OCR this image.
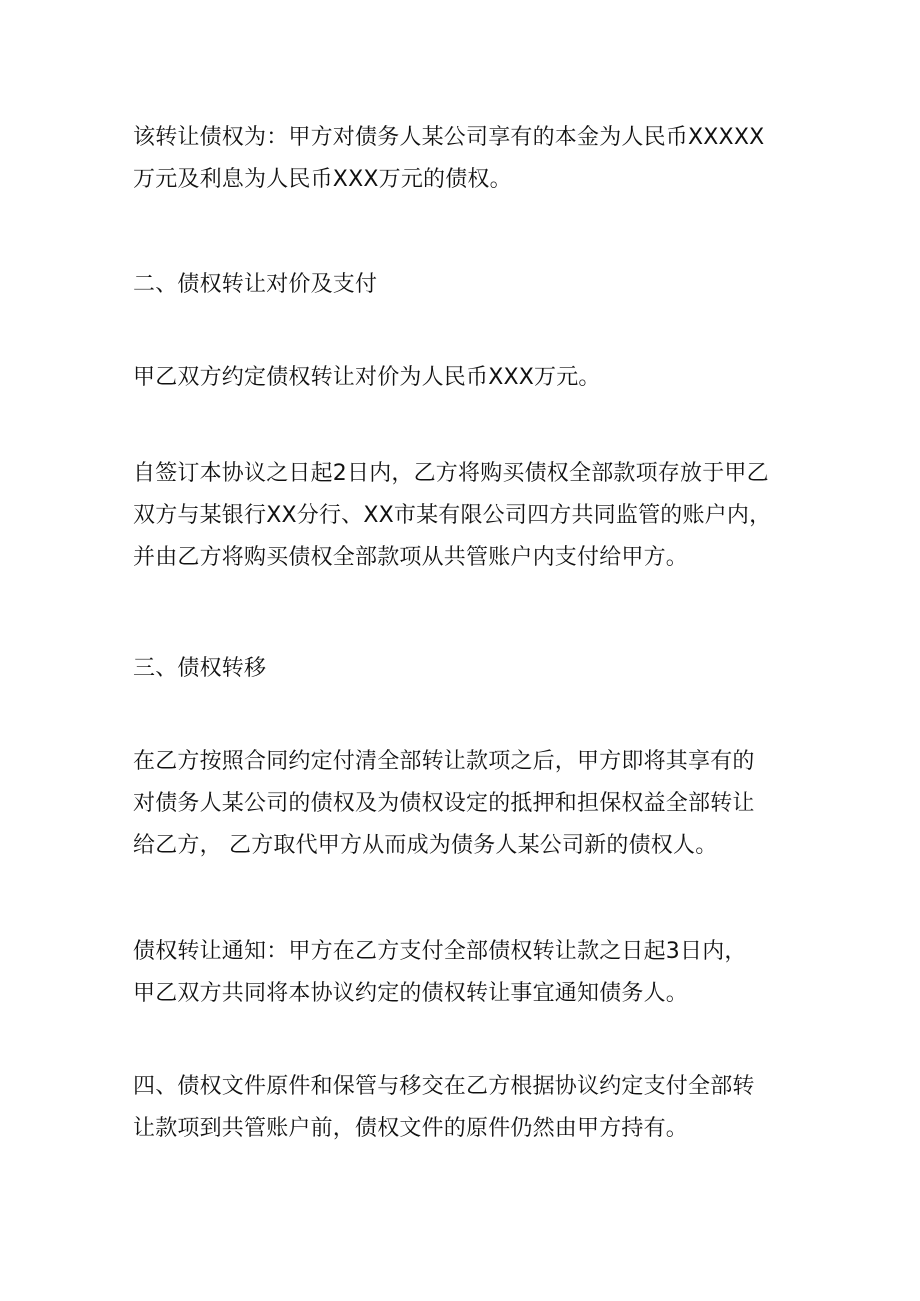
该转让债权为：甲方对债务人某公司享有的本金为人民币XXXXX
万元及利息为人民币XXX万元的债权。
二、债权转让对价及支付
甲乙双方约定债权转让对价为人民币XXX万元。
自签订本协议之日起2日内，乙方将购买债权全部款项存放于甲乙
双方与某银行XX分行、XX市某有限公司四方共同监管的账户内，
并由乙方将购买债权全部款项从共管账户内支付给甲方。
三、债权转移
在乙方按照合同约定付清全部转让款项之后，甲方即将其享有的
对债务人某公司的债权及为债权设定的抵押和担保权益全部转让
给乙方， 乙方取代甲方从而成为债务人某公司新的债权人。
债权转让通知：甲方在乙方支付全部债权转让款之日起3日内，
甲乙双方共同将本协议约定的债权转让事宜通知债务人。
四、债权文件原件和保管与移交在乙方根据协议约定支付全部转
让款项到共管账户前，债权文件的原件仍然由甲方持有。
